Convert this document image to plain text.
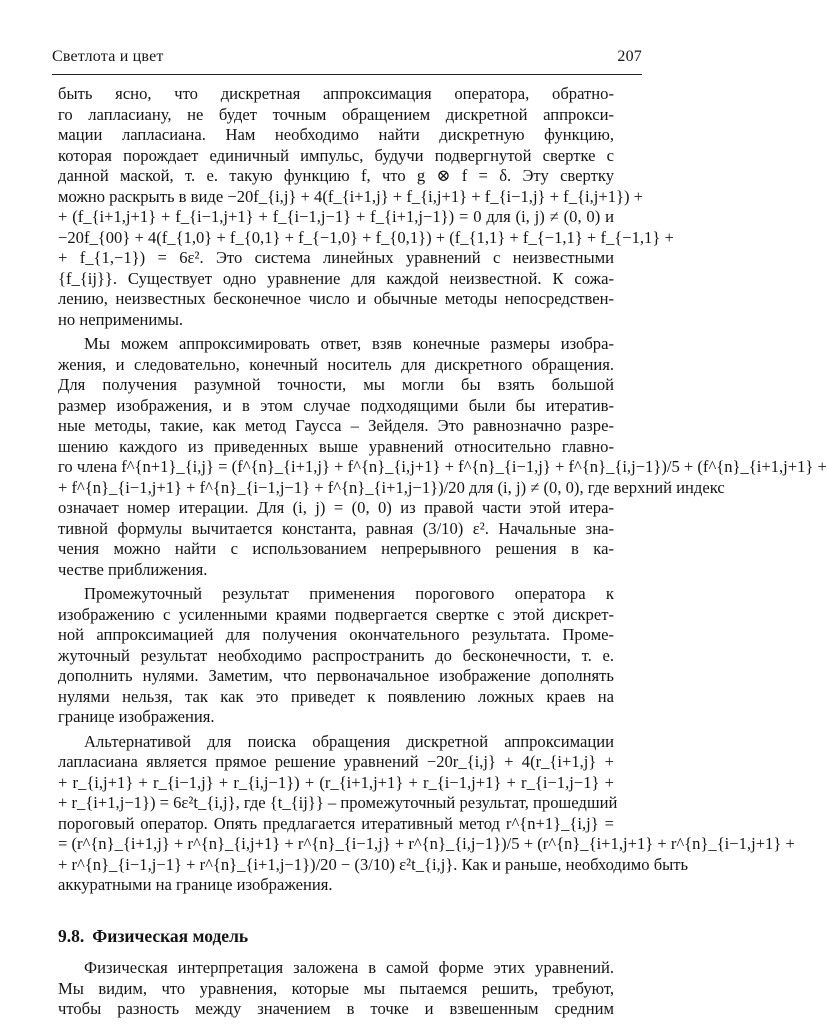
Светлота и цвет	207
быть ясно, что дискретная аппроксимация оператора, обратно-
го лапласиану, не будет точным обращением дискретной аппрокси-
мации лапласиана. Нам необходимо найти дискретную функцию,
которая порождает единичный импульс, будучи подвергнутой свертке с
данной маской, т. е. такую функцию f, что g ⊗ f = δ. Эту свертку
можно раскрыть в виде −20f_{i,j} + 4(f_{i+1,j} + f_{i,j+1} + f_{i−1,j} + f_{i,j+1}) +
+ (f_{i+1,j+1} + f_{i−1,j+1} + f_{i−1,j−1} + f_{i+1,j−1}) = 0 для (i, j) ≠ (0, 0) и
−20f_{00} + 4(f_{1,0} + f_{0,1} + f_{−1,0} + f_{0,1}) + (f_{1,1} + f_{−1,1} + f_{−1,1} +
+ f_{1,−1}) = 6ε². Это система линейных уравнений с неизвестными
{f_{ij}}. Существует одно уравнение для каждой неизвестной. К сожа-
лению, неизвестных бесконечное число и обычные методы непосредствен-
но неприменимы.
Мы можем аппроксимировать ответ, взяв конечные размеры изобра-
жения, и следовательно, конечный носитель для дискретного обращения.
Для получения разумной точности, мы могли бы взять большой
размер изображения, и в этом случае подходящими были бы итератив-
ные методы, такие, как метод Гаусса – Зейделя. Это равнозначно разре-
шению каждого из приведенных выше уравнений относительно главно-
го члена f^{n+1}_{i,j} = (f^{n}_{i+1,j} + f^{n}_{i,j+1} + f^{n}_{i−1,j} + f^{n}_{i,j−1})/5 + (f^{n}_{i+1,j+1} +
+ f^{n}_{i−1,j+1} + f^{n}_{i−1,j−1} + f^{n}_{i+1,j−1})/20 для (i, j) ≠ (0, 0), где верхний индекс
означает номер итерации. Для (i, j) = (0, 0) из правой части этой итера-
тивной формулы вычитается константа, равная (3/10) ε². Начальные зна-
чения можно найти с использованием непрерывного решения в ка-
честве приближения.
Промежуточный результат применения порогового оператора к
изображению с усиленными краями подвергается свертке с этой дискрет-
ной аппроксимацией для получения окончательного результата. Проме-
жуточный результат необходимо распространить до бесконечности, т. е.
дополнить нулями. Заметим, что первоначальное изображение дополнять
нулями нельзя, так как это приведет к появлению ложных краев на
границе изображения.
Альтернативой для поиска обращения дискретной аппроксимации
лапласиана является прямое решение уравнений −20r_{i,j} + 4(r_{i+1,j} +
+ r_{i,j+1} + r_{i−1,j} + r_{i,j−1}) + (r_{i+1,j+1} + r_{i−1,j+1} + r_{i−1,j−1} +
+ r_{i+1,j−1}) = 6ε²t_{i,j}, где {t_{ij}} – промежуточный результат, прошедший
пороговый оператор. Опять предлагается итеративный метод r^{n+1}_{i,j} =
= (r^{n}_{i+1,j} + r^{n}_{i,j+1} + r^{n}_{i−1,j} + r^{n}_{i,j−1})/5 + (r^{n}_{i+1,j+1} + r^{n}_{i−1,j+1} +
+ r^{n}_{i−1,j−1} + r^{n}_{i+1,j−1})/20 − (3/10) ε²t_{i,j}. Как и раньше, необходимо быть
аккуратными на границе изображения.
9.8. Физическая модель
Физическая интерпретация заложена в самой форме этих уравнений.
Мы видим, что уравнения, которые мы пытаемся решить, требуют,
чтобы разность между значением в точке и взвешенным средним
